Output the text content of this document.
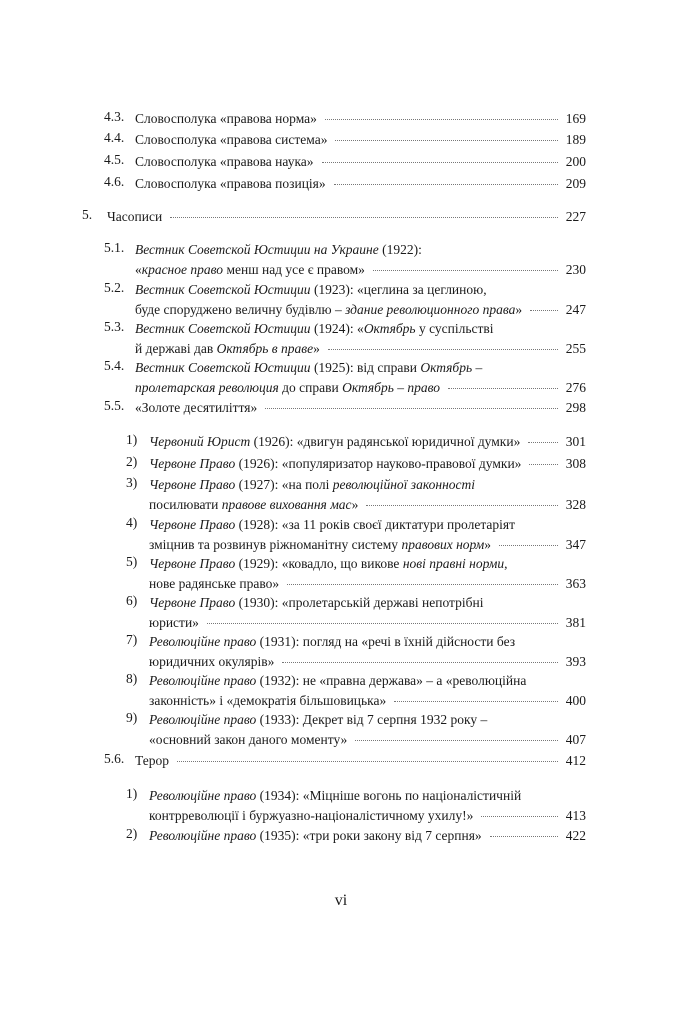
4.3. Словосполука «правова норма»	169
4.4. Словосполука «правова система»	189
4.5. Словосполука «правова наука»	200
4.6. Словосполука «правова позиція»	209
5.	Часописи	227
5.1. Вестник Советской Юстиции на Украине (1922):
«красное право менш над усе є правом»	230
5.2. Вестник Советской Юстиции (1923): «цеглина за цеглиною,
буде споруджено величну будівлю – здание революционного права»	247
5.3. Вестник Советской Юстиции (1924): «Октябрь у суспільстві
й державі дав Октябрь в праве»	255
5.4. Вестник Советской Юстиции (1925): від справи Октябрь –
пролетарская революция до справи Октябрь – право	276
5.5. «Золоте десятиліття»	298
1) Червоний Юрист (1926): «двигун радянської юридичної думки»	301
2) Червоне Право (1926): «популяризатор науково-правової думки»	308
3) Червоне Право (1927): «на полі революційної законності
посилювати правове виховання мас»	328
4) Червоне Право (1928): «за 11 років своєї диктатури пролетаріят
зміцнив та розвинув ріжноманітну систему правових норм»	347
5) Червоне Право (1929): «ковадло, що викове нові правні норми,
нове радянське право»	363
6) Червоне Право (1930): «пролетарській державі непотрібні
юристи»	381
7) Революційне право (1931): погляд на «речі в їхній дійсности без
юридичних окулярів»	393
8) Революційне право (1932): не «правна держава» – а «революційна
законність» і «демократія більшовицька»	400
9) Революційне право (1933): Декрет від 7 серпня 1932 року –
«основний закон даного моменту»	407
5.6. Терор	412
1) Революційне право (1934): «Міцніше вогонь по націоналістичній
контрреволюції і буржуазно-націоналістичному ухилу!»	413
2) Революційне право (1935): «три роки закону від 7 серпня»	422
vi
